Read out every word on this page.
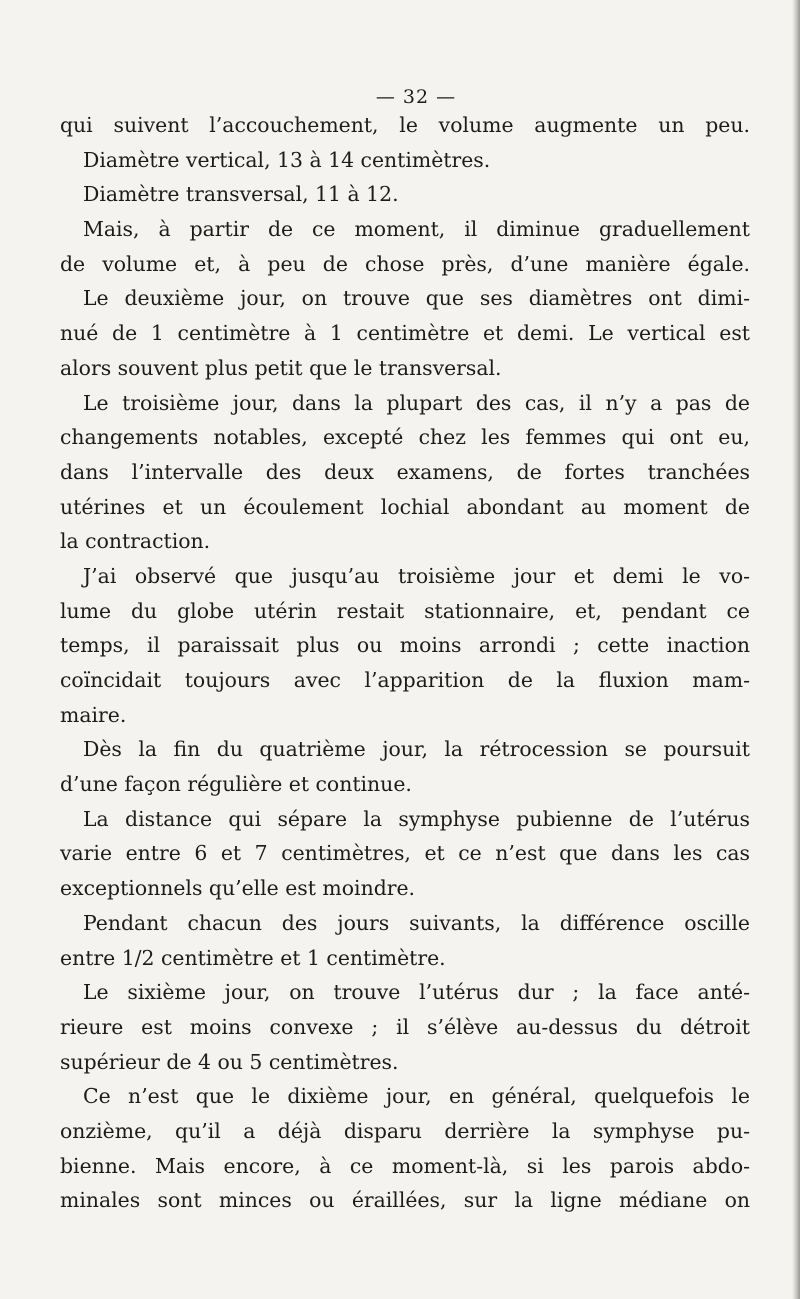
— 32 —
qui suivent l’accouchement, le volume augmente un peu.
Diamètre vertical, 13 à 14 centimètres.
Diamètre transversal, 11 à 12.
Mais, à partir de ce moment, il diminue graduellement
de volume et, à peu de chose près, d’une manière égale.
Le deuxième jour, on trouve que ses diamètres ont dimi-
nué de 1 centimètre à 1 centimètre et demi. Le vertical est
alors souvent plus petit que le transversal.
Le troisième jour, dans la plupart des cas, il n’y a pas de
changements notables, excepté chez les femmes qui ont eu,
dans l’intervalle des deux examens, de fortes tranchées
utérines et un écoulement lochial abondant au moment de
la contraction.
J’ai observé que jusqu’au troisième jour et demi le vo-
lume du globe utérin restait stationnaire, et, pendant ce
temps, il paraissait plus ou moins arrondi ; cette inaction
coïncidait toujours avec l’apparition de la fluxion mam-
maire.
Dès la fin du quatrième jour, la rétrocession se poursuit
d’une façon régulière et continue.
La distance qui sépare la symphyse pubienne de l’utérus
varie entre 6 et 7 centimètres, et ce n’est que dans les cas
exceptionnels qu’elle est moindre.
Pendant chacun des jours suivants, la différence oscille
entre 1/2 centimètre et 1 centimètre.
Le sixième jour, on trouve l’utérus dur ; la face anté-
rieure est moins convexe ; il s’élève au-dessus du détroit
supérieur de 4 ou 5 centimètres.
Ce n’est que le dixième jour, en général, quelquefois le
onzième, qu’il a déjà disparu derrière la symphyse pu-
bienne. Mais encore, à ce moment-là, si les parois abdo-
minales sont minces ou éraillées, sur la ligne médiane on
